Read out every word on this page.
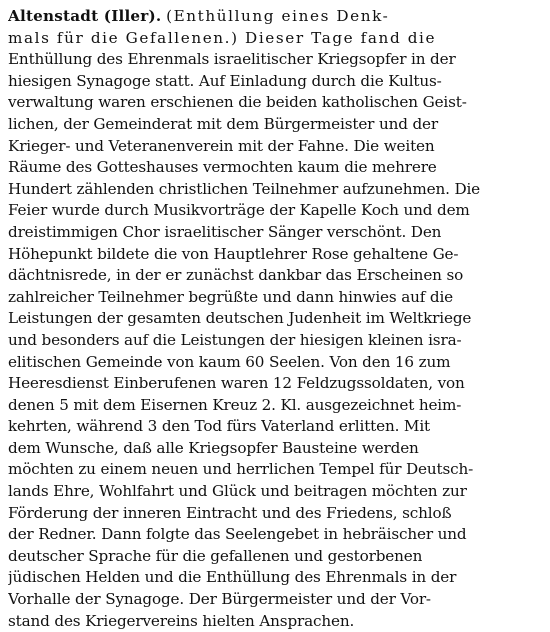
Altenstadt (Iller). (Enthüllung eines Denk-
mals für die Gefallenen.) Dieser Tage fand die
Enthüllung des Ehrenmals israelitischer Kriegsopfer in der
hiesigen Synagoge statt. Auf Einladung durch die Kultus-
verwaltung waren erschienen die beiden katholischen Geist-
lichen, der Gemeinderat mit dem Bürgermeister und der
Krieger- und Veteranenverein mit der Fahne. Die weiten
Räume des Gotteshauses vermochten kaum die mehrere
Hundert zählenden christlichen Teilnehmer aufzunehmen. Die
Feier wurde durch Musikvorträge der Kapelle Koch und dem
dreistimmigen Chor israelitischer Sänger verschönt. Den
Höhepunkt bildete die von Hauptlehrer Rose gehaltene Ge-
dächtnisrede, in der er zunächst dankbar das Erscheinen so
zahlreicher Teilnehmer begrüßte und dann hinwies auf die
Leistungen der gesamten deutschen Judenheit im Weltkriege
und besonders auf die Leistungen der hiesigen kleinen isra-
elitischen Gemeinde von kaum 60 Seelen. Von den 16 zum
Heeresdienst Einberufenen waren 12 Feldzugssoldaten, von
denen 5 mit dem Eisernen Kreuz 2. Kl. ausgezeichnet heim-
kehrten, während 3 den Tod fürs Vaterland erlitten. Mit
dem Wunsche, daß alle Kriegsopfer Bausteine werden
möchten zu einem neuen und herrlichen Tempel für Deutsch-
lands Ehre, Wohlfahrt und Glück und beitragen möchten zur
Förderung der inneren Eintracht und des Friedens, schloß
der Redner. Dann folgte das Seelengebet in hebräischer und
deutscher Sprache für die gefallenen und gestorbenen
jüdischen Helden und die Enthüllung des Ehrenmals in der
Vorhalle der Synagoge. Der Bürgermeister und der Vor-
stand des Kriegervereins hielten Ansprachen.
